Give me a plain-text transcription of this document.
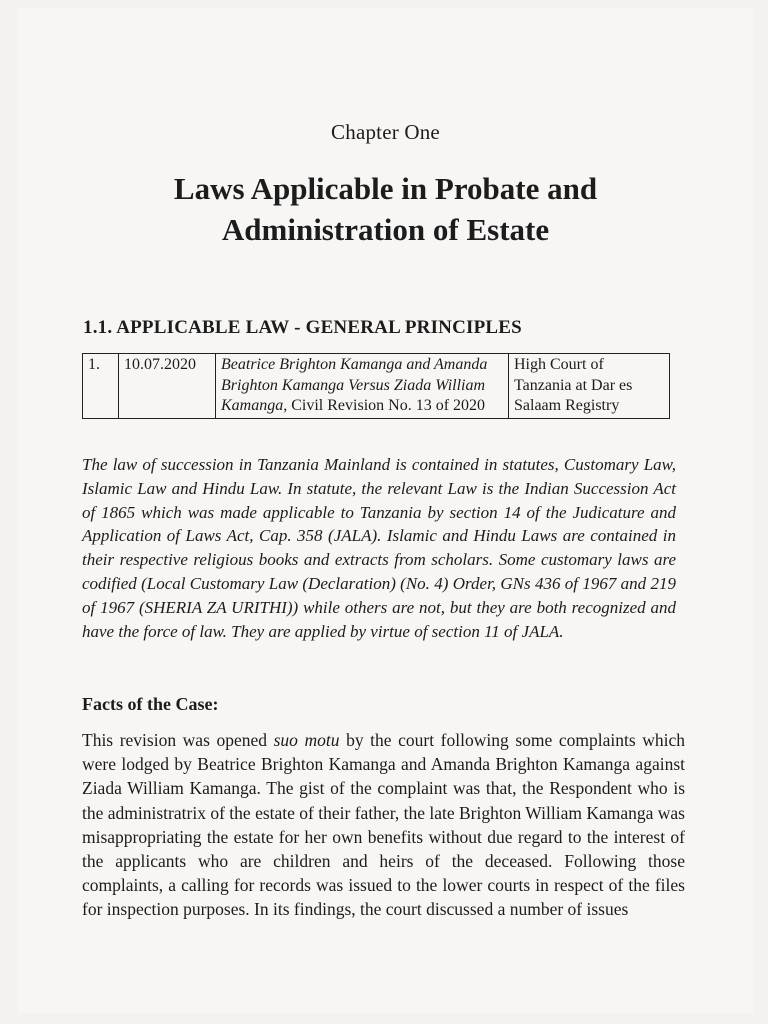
Chapter One
Laws Applicable in Probate and
Administration of Estate
1.1. APPLICABLE LAW - GENERAL PRINCIPLES
1.	10.07.2020	Beatrice Brighton Kamanga and Amanda Brighton Kamanga Versus Ziada William Kamanga, Civil Revision No. 13 of 2020	High Court of Tanzania at Dar es Salaam Registry

The law of succession in Tanzania Mainland is contained in statutes, Customary Law, Islamic Law and Hindu Law. In statute, the relevant Law is the Indian Succession Act of 1865 which was made applicable to Tanzania by section 14 of the Judicature and Application of Laws Act, Cap. 358 (JALA). Islamic and Hindu Laws are contained in their respective religious books and extracts from scholars. Some customary laws are codified (Local Customary Law (Declaration) (No. 4) Order, GNs 436 of 1967 and 219 of 1967 (SHERIA ZA URITHI)) while others are not, but they are both recognized and have the force of law. They are applied by virtue of section 11 of JALA.

Facts of the Case:

This revision was opened suo motu by the court following some complaints which were lodged by Beatrice Brighton Kamanga and Amanda Brighton Kamanga against Ziada William Kamanga. The gist of the complaint was that, the Respondent who is the administratrix of the estate of their father, the late Brighton William Kamanga was misappropriating the estate for her own benefits without due regard to the interest of the applicants who are children and heirs of the deceased. Following those complaints, a calling for records was issued to the lower courts in respect of the files for inspection purposes. In its findings, the court discussed a number of issues
